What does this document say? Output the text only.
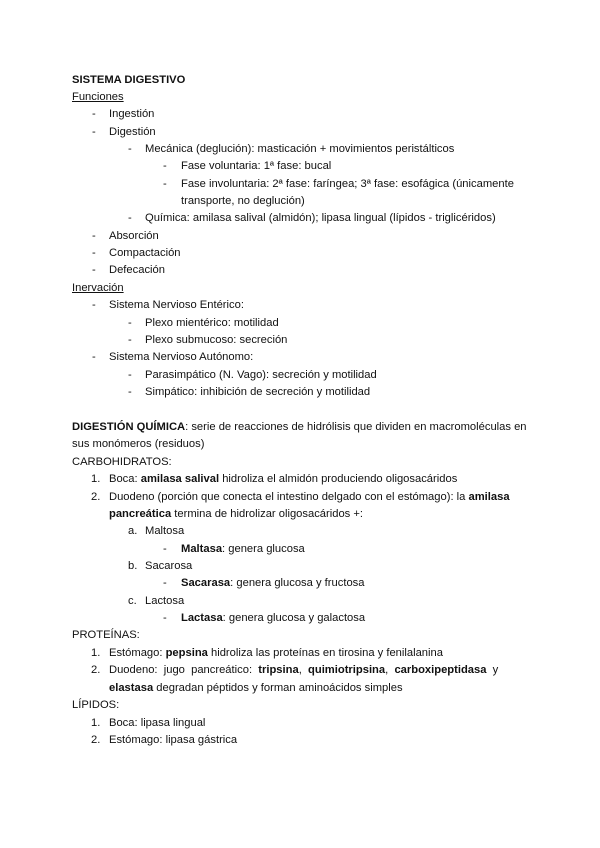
SISTEMA DIGESTIVO
Funciones
- Ingestión
- Digestión
- Mecánica (deglución): masticación + movimientos peristálticos
- Fase voluntaria: 1ª fase: bucal
- Fase involuntaria: 2ª fase: faríngea; 3ª fase: esofágica (únicamente
transporte, no deglución)
- Química: amilasa salival (almidón); lipasa lingual (lípidos - triglicéridos)
- Absorción
- Compactación
- Defecación
Inervación
- Sistema Nervioso Entérico:
- Plexo mientérico: motilidad
- Plexo submucoso: secreción
- Sistema Nervioso Autónomo:
- Parasimpático (N. Vago): secreción y motilidad
- Simpático: inhibición de secreción y motilidad
DIGESTIÓN QUÍMICA: serie de reacciones de hidrólisis que dividen en macromoléculas en
sus monómeros (residuos)
CARBOHIDRATOS:
1. Boca: amilasa salival hidroliza el almidón produciendo oligosacáridos
2. Duodeno (porción que conecta el intestino delgado con el estómago): la amilasa
pancreática termina de hidrolizar oligosacáridos +:
a. Maltosa
- Maltasa: genera glucosa
b. Sacarosa
- Sacarasa: genera glucosa y fructosa
c. Lactosa
- Lactasa: genera glucosa y galactosa
PROTEÍNAS:
1. Estómago: pepsina hidroliza las proteínas en tirosina y fenilalanina
2. Duodeno:  jugo  pancreático:  tripsina,  quimiotripsina,  carboxipeptidasa  y
elastasa degradan péptidos y forman aminoácidos simples
LÍPIDOS:
1. Boca: lipasa lingual
2. Estómago: lipasa gástrica
